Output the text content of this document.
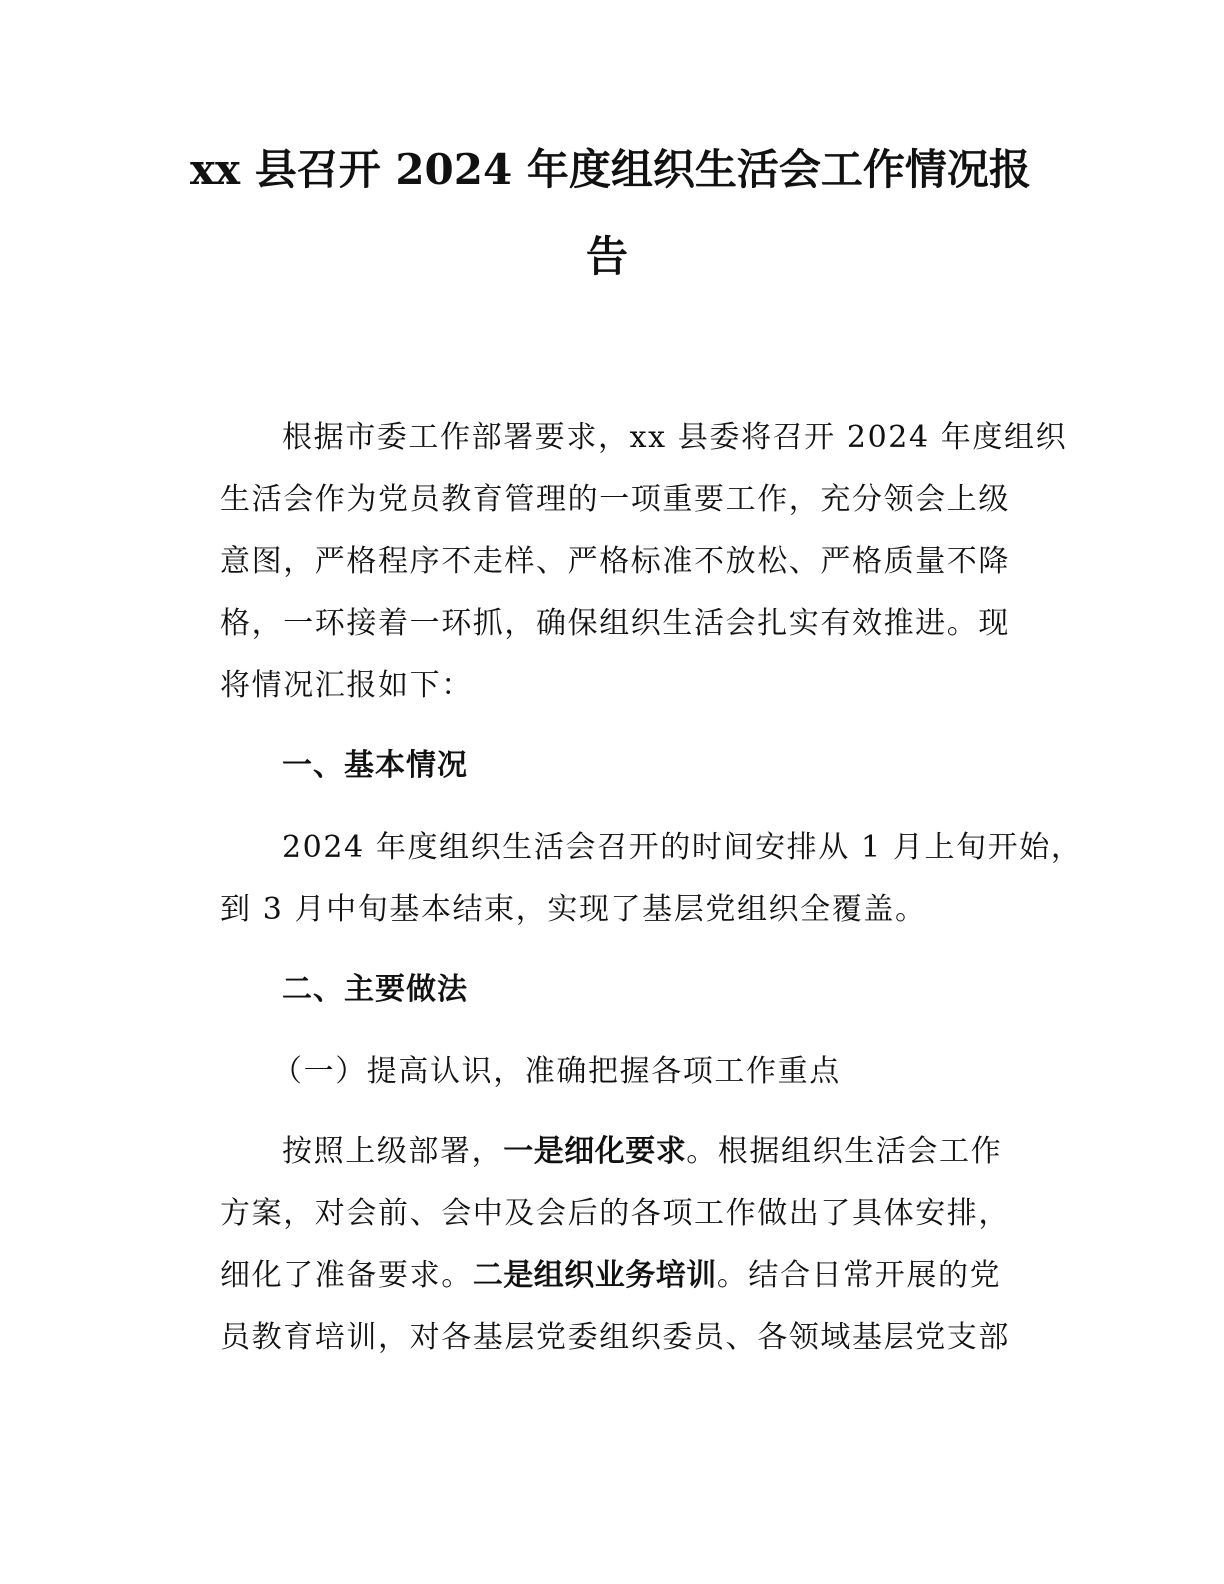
xx 县召开 2024 年度组织生活会工作情况报
告

根据市委工作部署要求，xx 县委将召开 2024 年度组织

生活会作为党员教育管理的一项重要工作，充分领会上级

意图，严格程序不走样、严格标准不放松、严格质量不降

格，一环接着一环抓，确保组织生活会扎实有效推进。现

将情况汇报如下：

一、基本情况

2024 年度组织生活会召开的时间安排从 1 月上旬开始，

到 3 月中旬基本结束，实现了基层党组织全覆盖。

二、主要做法

（一）提高认识，准确把握各项工作重点

按照上级部署，一是细化要求。根据组织生活会工作

方案，对会前、会中及会后的各项工作做出了具体安排，

细化了准备要求。二是组织业务培训。结合日常开展的党

员教育培训，对各基层党委组织委员、各领域基层党支部
